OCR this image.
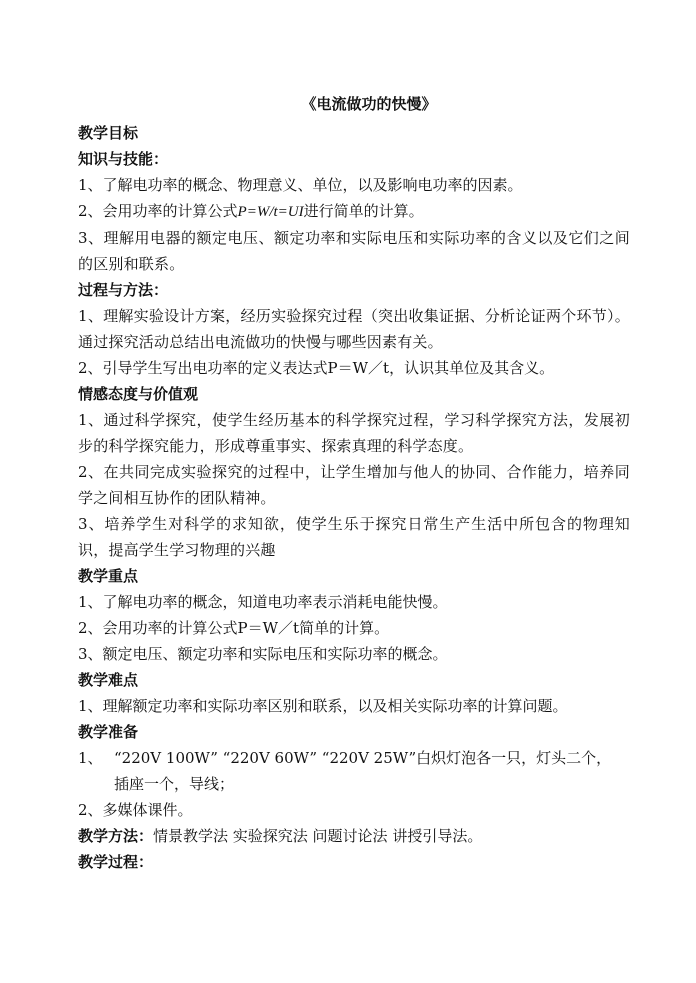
《电流做功的快慢》
教学目标
知识与技能：
1、了解电功率的概念、物理意义、单位，以及影响电功率的因素。
2、会用功率的计算公式P=W/t=UI进行简单的计算。
3、理解用电器的额定电压、额定功率和实际电压和实际功率的含义以及它们之间的区别和联系。
过程与方法：
1、理解实验设计方案，经历实验探究过程（突出收集证据、分析论证两个环节）。通过探究活动总结出电流做功的快慢与哪些因素有关。
2、引导学生写出电功率的定义表达式P＝W／t，认识其单位及其含义。
情感态度与价值观
1、通过科学探究，使学生经历基本的科学探究过程，学习科学探究方法，发展初步的科学探究能力，形成尊重事实、探索真理的科学态度。
2、在共同完成实验探究的过程中，让学生增加与他人的协同、合作能力，培养同学之间相互协作的团队精神。
3、培养学生对科学的求知欲，使学生乐于探究日常生产生活中所包含的物理知识，提高学生学习物理的兴趣
教学重点
1、了解电功率的概念，知道电功率表示消耗电能快慢。
2、会用功率的计算公式P＝W／t简单的计算。
3、额定电压、额定功率和实际电压和实际功率的概念。
教学难点
1、理解额定功率和实际功率区别和联系，以及相关实际功率的计算问题。
教学准备
1、 “220V 100W” “220V 60W” “220V 25W”白炽灯泡各一只，灯头二个，
插座一个，导线；
2、多媒体课件。
教学方法：情景教学法 实验探究法 问题讨论法 讲授引导法。
教学过程：
